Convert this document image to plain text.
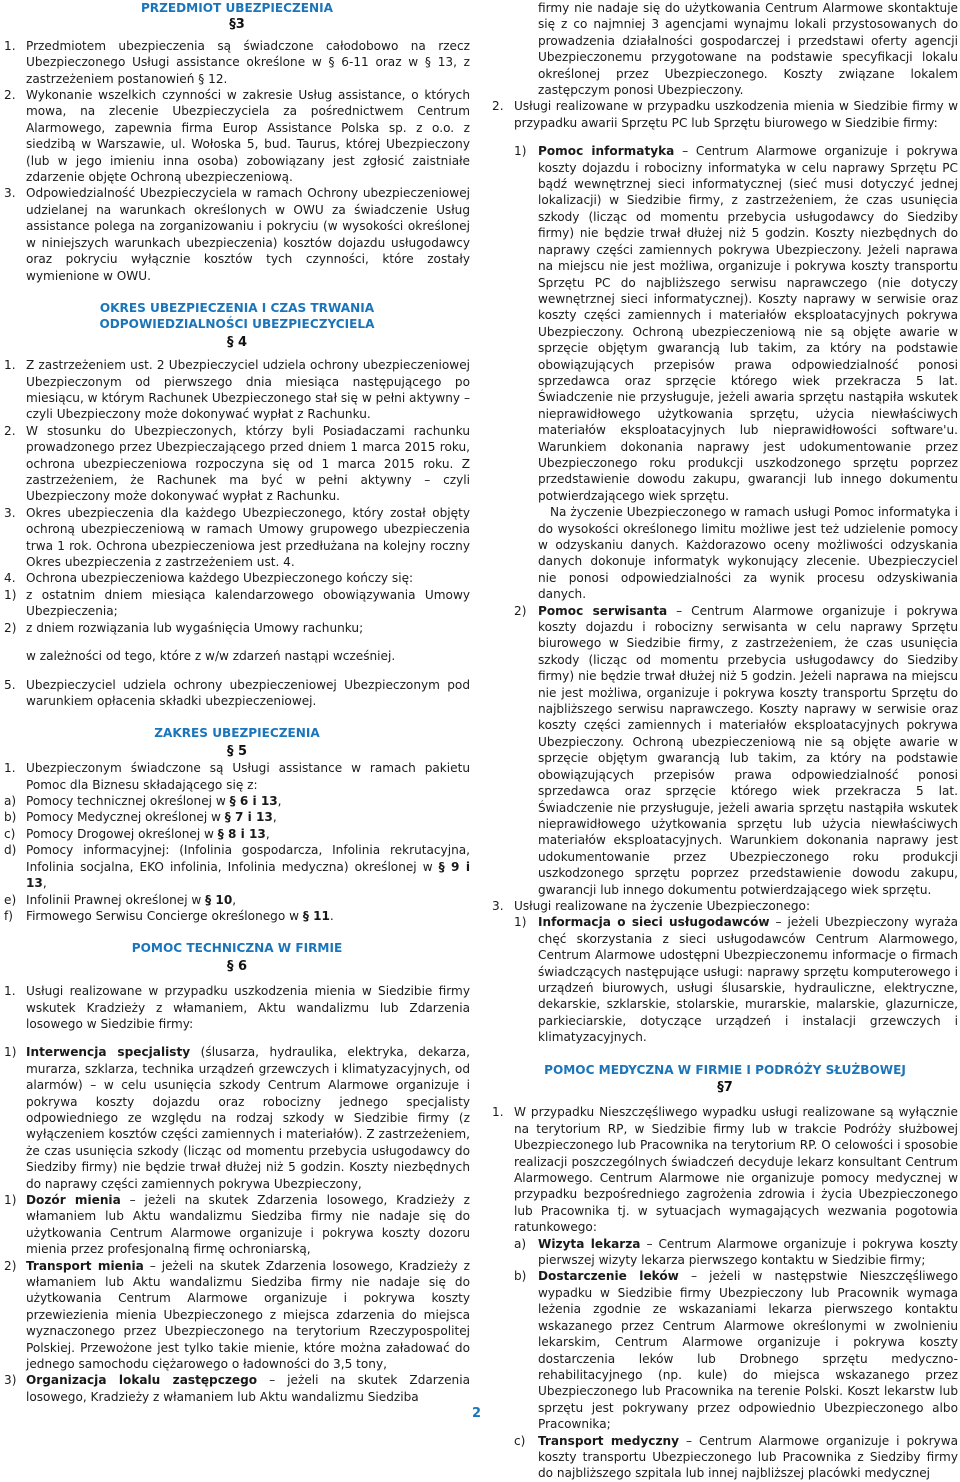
PRZEDMIOT UBEZPIECZENIA

§3

1. Przedmiotem ubezpieczenia są świadczone całodobowo na rzecz Ubezpieczonego Usługi assistance określone w § 6-11 oraz w § 13, z zastrzeżeniem postanowień § 12.
2. Wykonanie wszelkich czynności w zakresie Usług assistance, o których mowa, na zlecenie Ubezpieczyciela za pośrednictwem Centrum Alarmowego, zapewnia firma Europ Assistance Polska sp. z o.o. z siedzibą w Warszawie, ul. Wołoska 5, bud. Taurus, której Ubezpieczony (lub w jego imieniu inna osoba) zobowiązany jest zgłosić zaistniałe zdarzenie objęte Ochroną ubezpieczeniową.
3. Odpowiedzialność Ubezpieczyciela w ramach Ochrony ubezpieczeniowej udzielanej na warunkach określonych w OWU za świadczenie Usług assistance polega na zorganizowaniu i pokryciu (w wysokości określonej w niniejszych warunkach ubezpieczenia) kosztów dojazdu usługodawcy oraz pokryciu wyłącznie kosztów tych czynności, które zostały wymienione w OWU.

OKRES UBEZPIECZENIA I CZAS TRWANIA

ODPOWIEDZIALNOŚCI UBEZPIECZYCIELA

§ 4

1. Z zastrzeżeniem ust. 2 Ubezpieczyciel udziela ochrony ubezpieczeniowej Ubezpieczonym od pierwszego dnia miesiąca następującego po miesiącu, w którym Rachunek Ubezpieczonego stał się w pełni aktywny – czyli Ubezpieczony może dokonywać wypłat z Rachunku.
2. W stosunku do Ubezpieczonych, którzy byli Posiadaczami rachunku prowadzonego przez Ubezpieczającego przed dniem 1 marca 2015 roku, ochrona ubezpieczeniowa rozpoczyna się od 1 marca 2015 roku. Z zastrzeżeniem, że Rachunek ma być w pełni aktywny – czyli Ubezpieczony może dokonywać wypłat z Rachunku.
3. Okres ubezpieczenia dla każdego Ubezpieczonego, który został objęty ochroną ubezpieczeniową w ramach Umowy grupowego ubezpieczenia trwa 1 rok. Ochrona ubezpieczeniowa jest przedłużana na kolejny roczny Okres ubezpieczenia z zastrzeżeniem ust. 4.
4. Ochrona ubezpieczeniowa każdego Ubezpieczonego kończy się:
1) z ostatnim dniem miesiąca kalendarzowego obowiązywania Umowy Ubezpieczenia;
2) z dniem rozwiązania lub wygaśnięcia Umowy rachunku;

w zależności od tego, które z w/w zdarzeń nastąpi wcześniej.

5. Ubezpieczyciel udziela ochrony ubezpieczeniowej Ubezpieczonym pod warunkiem opłacenia składki ubezpieczeniowej.

ZAKRES UBEZPIECZENIA

§ 5

1. Ubezpieczonym świadczone są Usługi assistance w ramach pakietu Pomoc dla Biznesu składającego się z:
a) Pomocy technicznej określonej w § 6 i 13,
b) Pomocy Medycznej określonej w § 7 i 13,
c) Pomocy Drogowej określonej w § 8 i 13,
d) Pomocy informacyjnej: (Infolinia gospodarcza, Infolinia rekrutacyjna, Infolinia socjalna, EKO infolinia, Infolinia medyczna) określonej w § 9 i 13,
e) Infolinii Prawnej określonej w § 10,
f)	Firmowego Serwisu Concierge określonego w § 11.

POMOC TECHNICZNA W FIRMIE

§ 6

1. Usługi realizowane w przypadku uszkodzenia mienia w Siedzibie firmy wskutek Kradzieży z włamaniem, Aktu wandalizmu lub Zdarzenia losowego w Siedzibie firmy:
1) Interwencja specjalisty (ślusarza, hydraulika, elektryka, dekarza, murarza, szklarza, technika urządzeń grzewczych i klimatyzacyjnych, od alarmów) – w celu usunięcia szkody Centrum Alarmowe organizuje i pokrywa koszty dojazdu oraz robocizny jednego specjalisty odpowiedniego ze względu na rodzaj szkody w Siedzibie firmy (z wyłączeniem kosztów części zamiennych i materiałów). Z zastrzeżeniem, że czas usunięcia szkody (licząc od momentu przebycia usługodawcy do Siedziby firmy) nie będzie trwał dłużej niż 5 godzin. Koszty niezbędnych do naprawy części zamiennych pokrywa Ubezpieczony,
1) Dozór mienia – jeżeli na skutek Zdarzenia losowego, Kradzieży z włamaniem lub Aktu wandalizmu Siedziba firmy nie nadaje się do użytkowania Centrum Alarmowe organizuje i pokrywa koszty dozoru mienia przez profesjonalną firmę ochroniarską,
2) Transport mienia – jeżeli na skutek Zdarzenia losowego, Kradzieży z włamaniem lub Aktu wandalizmu Siedziba firmy nie nadaje się do użytkowania Centrum Alarmowe organizuje i pokrywa koszty przewiezienia mienia Ubezpieczonego z miejsca zdarzenia do miejsca wyznaczonego przez Ubezpieczonego na terytorium Rzeczypospolitej Polskiej. Przewożone jest tylko takie mienie, które można załadować do jednego samochodu ciężarowego o ładowności do 3,5 tony,
3) Organizacja lokalu zastępczego – jeżeli na skutek Zdarzenia losowego, Kradzieży z włamaniem lub Aktu wandalizmu Siedziba

firmy nie nadaje się do użytkowania Centrum Alarmowe skontaktuje się z co najmniej 3 agencjami wynajmu lokali przystosowanych do prowadzenia działalności gospodarczej i przedstawi oferty agencji Ubezpieczonemu przygotowane na podstawie specyfikacji lokalu określonej przez Ubezpieczonego. Koszty związane lokalem zastępczym ponosi Ubezpieczony.

2. Usługi realizowane w przypadku uszkodzenia mienia w Siedzibie firmy w przypadku awarii Sprzętu PC lub Sprzętu biurowego w Siedzibie firmy:
1) Pomoc informatyka – Centrum Alarmowe organizuje i pokrywa koszty dojazdu i robocizny informatyka w celu naprawy Sprzętu PC bądź wewnętrznej sieci informatycznej (sieć musi dotyczyć jednej lokalizacji) w Siedzibie firmy, z zastrzeżeniem, że czas usunięcia szkody (licząc od momentu przebycia usługodawcy do Siedziby firmy) nie będzie trwał dłużej niż 5 godzin. Koszty niezbędnych do naprawy części zamiennych pokrywa Ubezpieczony. Jeżeli naprawa na miejscu nie jest możliwa, organizuje i pokrywa koszty transportu Sprzętu PC do najbliższego serwisu naprawczego (nie dotyczy wewnętrznej sieci informatycznej). Koszty naprawy w serwisie oraz koszty części zamiennych i materiałów eksploatacyjnych pokrywa Ubezpieczony. Ochroną ubezpieczeniową nie są objęte awarie w sprzęcie objętym gwarancją lub takim, za który na podstawie obowiązujących przepisów prawa odpowiedzialność ponosi sprzedawca oraz sprzęcie którego wiek przekracza 5 lat. Świadczenie nie przysługuje, jeżeli awaria sprzętu nastąpiła wskutek nieprawidłowego użytkowania sprzętu, użycia niewłaściwych materiałów eksploatacyjnych lub nieprawidłowości software'u. Warunkiem dokonania naprawy jest udokumentowanie przez Ubezpieczonego roku produkcji uszkodzonego sprzętu poprzez przedstawienie dowodu zakupu, gwarancji lub innego dokumentu potwierdzającego wiek sprzętu.

Na życzenie Ubezpieczonego w ramach usługi Pomoc informatyka i do wysokości określonego limitu możliwe jest też udzielenie pomocy w odzyskaniu danych. Każdorazowo oceny możliwości odzyskania danych dokonuje informatyk wykonujący zlecenie. Ubezpieczyciel nie ponosi odpowiedzialności za wynik procesu odzyskiwania danych.

2) Pomoc serwisanta – Centrum Alarmowe organizuje i pokrywa koszty dojazdu i robocizny serwisanta w celu naprawy Sprzętu biurowego w Siedzibie firmy, z zastrzeżeniem, że czas usunięcia szkody (licząc od momentu przebycia usługodawcy do Siedziby firmy) nie będzie trwał dłużej niż 5 godzin. Jeżeli naprawa na miejscu nie jest możliwa, organizuje i pokrywa koszty transportu Sprzętu do najbliższego serwisu naprawczego. Koszty naprawy w serwisie oraz koszty części zamiennych i materiałów eksploatacyjnych pokrywa Ubezpieczony. Ochroną ubezpieczeniową nie są objęte awarie w sprzęcie objętym gwarancją lub takim, za który na podstawie obowiązujących przepisów prawa odpowiedzialność ponosi sprzedawca oraz sprzęcie którego wiek przekracza 5 lat. Świadczenie nie przysługuje, jeżeli awaria sprzętu nastąpiła wskutek nieprawidłowego użytkowania sprzętu lub użycia niewłaściwych materiałów eksploatacyjnych. Warunkiem dokonania naprawy jest udokumentowanie przez Ubezpieczonego roku produkcji uszkodzonego sprzętu poprzez przedstawienie dowodu zakupu, gwarancji lub innego dokumentu potwierdzającego wiek sprzętu.
3. Usługi realizowane na życzenie Ubezpieczonego:
1) Informacja o sieci usługodawców – jeżeli Ubezpieczony wyraża chęć skorzystania z sieci usługodawców Centrum Alarmowego, Centrum Alarmowe udostępni Ubezpieczonemu informacje o firmach świadczących następujące usługi: naprawy sprzętu komputerowego i urządzeń biurowych, usługi ślusarskie, hydrauliczne, elektryczne, dekarskie, szklarskie, stolarskie, murarskie, malarskie, glazurnicze, parkieciarskie, dotyczące urządzeń i instalacji grzewczych i klimatyzacyjnych.

POMOC MEDYCZNA W FIRMIE I PODRÓŻY SŁUŻBOWEJ

§7

1. W przypadku Nieszczęśliwego wypadku usługi realizowane są wyłącznie na terytorium RP, w Siedzibie firmy lub w trakcie Podróży służbowej Ubezpieczonego lub Pracownika na terytorium RP. O celowości i sposobie realizacji poszczególnych świadczeń decyduje lekarz konsultant Centrum Alarmowego. Centrum Alarmowe nie organizuje pomocy medycznej w przypadku bezpośredniego zagrożenia zdrowia i życia Ubezpieczonego lub Pracownika tj. w sytuacjach wymagających wezwania pogotowia ratunkowego:
a) Wizyta lekarza – Centrum Alarmowe organizuje i pokrywa koszty pierwszej wizyty lekarza pierwszego kontaktu w Siedzibie firmy;
b) Dostarczenie leków – jeżeli w następstwie Nieszczęśliwego wypadku w Siedzibie firmy Ubezpieczony lub Pracownik wymaga leżenia zgodnie ze wskazaniami lekarza pierwszego kontaktu wskazanego przez Centrum Alarmowe określonymi w zwolnieniu lekarskim, Centrum Alarmowe organizuje i pokrywa koszty dostarczenia leków lub Drobnego sprzętu medyczno-rehabilitacyjnego (np. kule) do miejsca wskazanego przez Ubezpieczonego lub Pracownika na terenie Polski. Koszt lekarstw lub sprzętu jest pokrywany przez odpowiednio Ubezpieczonego albo Pracownika;
c)	Transport medyczny – Centrum Alarmowe organizuje i pokrywa koszty transportu Ubezpieczonego lub Pracownika z Siedziby firmy do najbliższego szpitala lub innej najbliższej placówki medycznej
2
